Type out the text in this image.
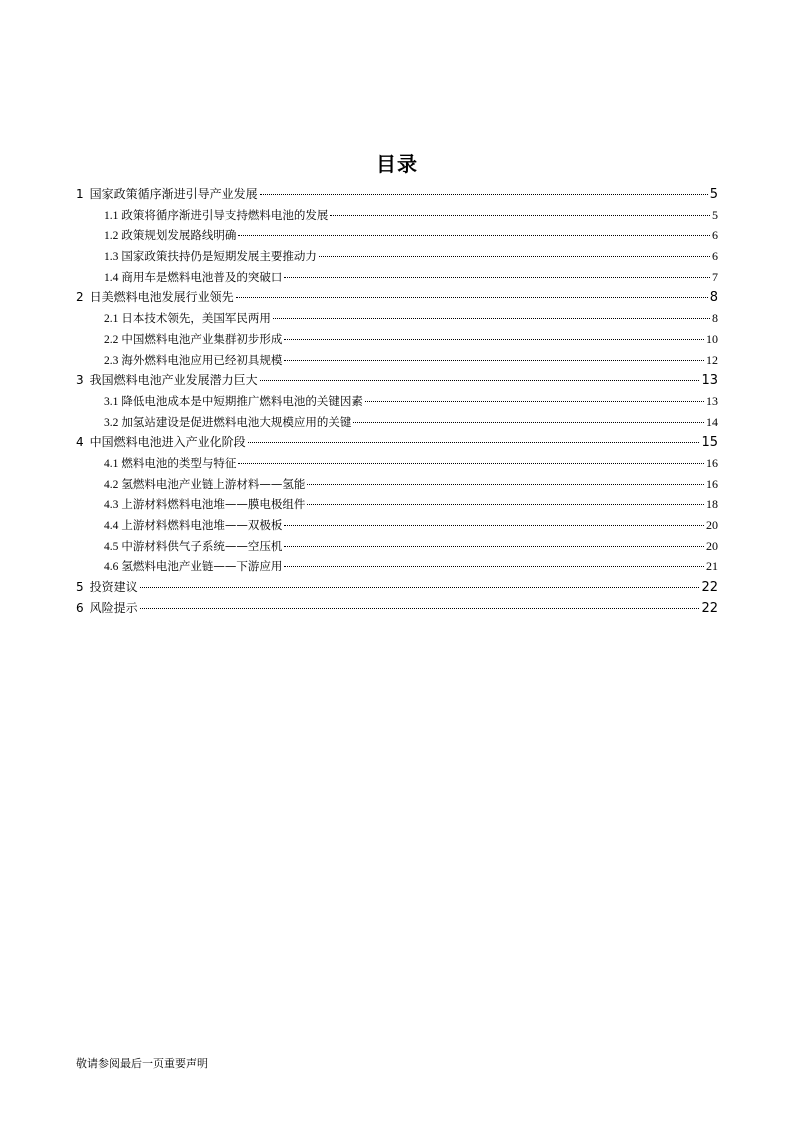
目录
1 国家政策循序渐进引导产业发展	5
1.1 政策将循序渐进引导支持燃料电池的发展	5
1.2 政策规划发展路线明确	6
1.3 国家政策扶持仍是短期发展主要推动力	6
1.4 商用车是燃料电池普及的突破口	7
2 日美燃料电池发展行业领先	8
2.1 日本技术领先，美国军民两用	8
2.2 中国燃料电池产业集群初步形成	10
2.3 海外燃料电池应用已经初具规模	12
3 我国燃料电池产业发展潜力巨大	13
3.1 降低电池成本是中短期推广燃料电池的关键因素	13
3.2 加氢站建设是促进燃料电池大规模应用的关键	14
4 中国燃料电池进入产业化阶段	15
4.1 燃料电池的类型与特征	16
4.2 氢燃料电池产业链上游材料——氢能	16
4.3 上游材料燃料电池堆——膜电极组件	18
4.4 上游材料燃料电池堆——双极板	20
4.5 中游材料供气子系统——空压机	20
4.6 氢燃料电池产业链——下游应用	21
5 投资建议	22
6 风险提示	22
敬请参阅最后一页重要声明
